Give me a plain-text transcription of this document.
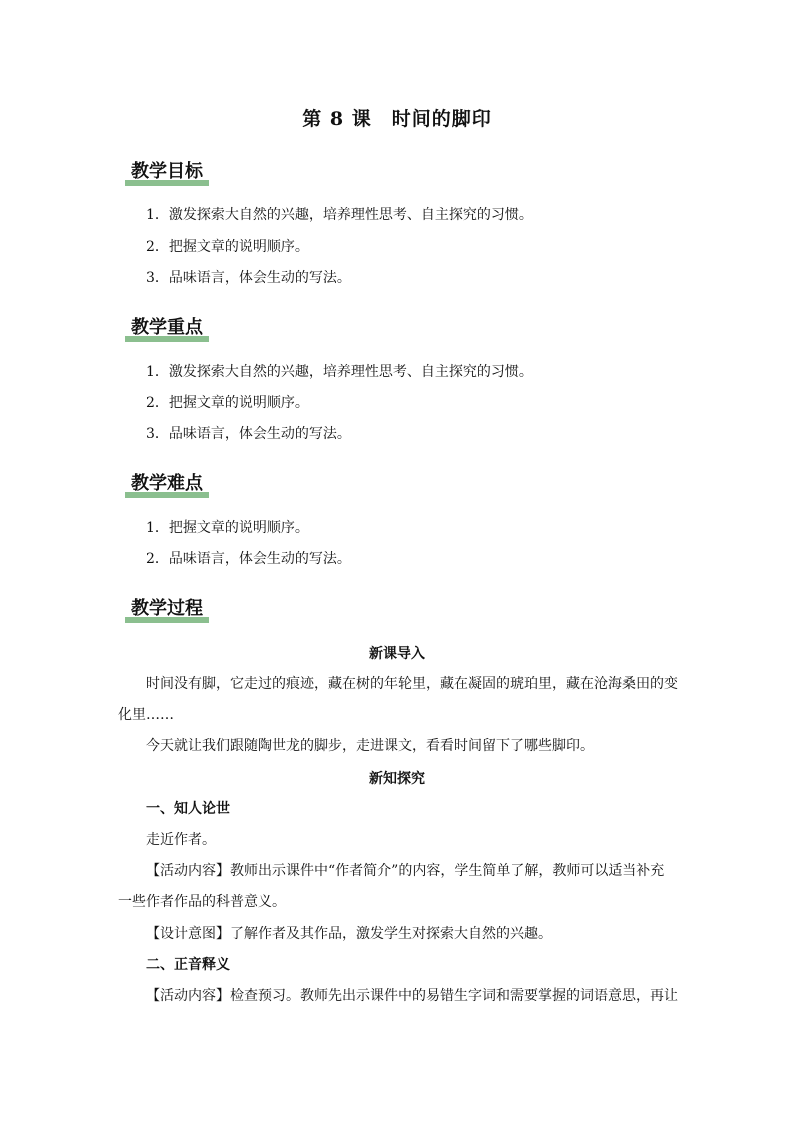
第 8 课　时间的脚印
教学目标
1．激发探索大自然的兴趣，培养理性思考、自主探究的习惯。
2．把握文章的说明顺序。
3．品味语言，体会生动的写法。
教学重点
1．激发探索大自然的兴趣，培养理性思考、自主探究的习惯。
2．把握文章的说明顺序。
3．品味语言，体会生动的写法。
教学难点
1．把握文章的说明顺序。
2．品味语言，体会生动的写法。
教学过程
新课导入
时间没有脚，它走过的痕迹，藏在树的年轮里，藏在凝固的琥珀里，藏在沧海桑田的变
化里……
今天就让我们跟随陶世龙的脚步，走进课文，看看时间留下了哪些脚印。
新知探究
一、知人论世
走近作者。
【活动内容】教师出示课件中“作者简介”的内容，学生简单了解，教师可以适当补充
一些作者作品的科普意义。
【设计意图】了解作者及其作品，激发学生对探索大自然的兴趣。
二、正音释义
【活动内容】检查预习。教师先出示课件中的易错生字词和需要掌握的词语意思，再让
